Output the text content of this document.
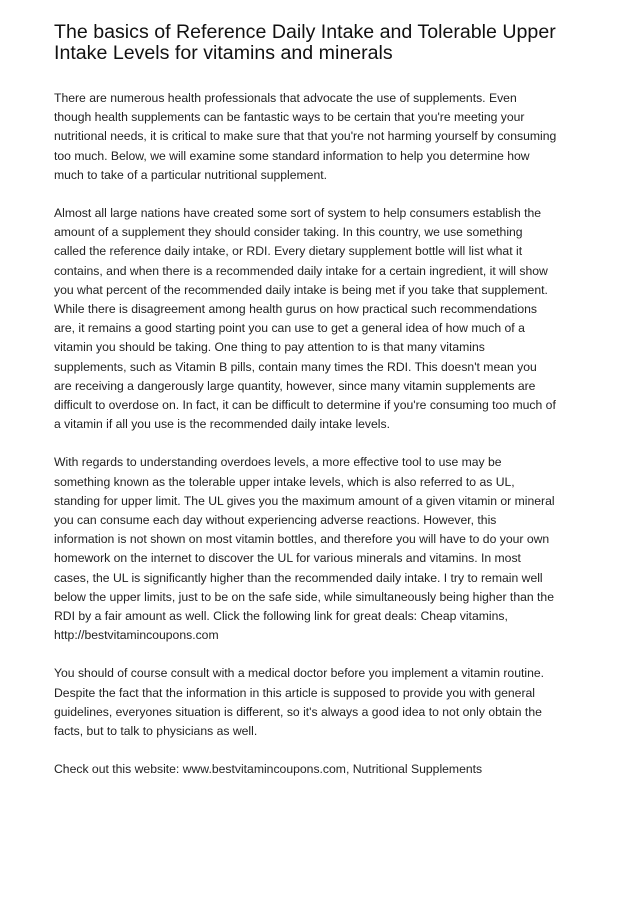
The basics of Reference Daily Intake and Tolerable Upper
Intake Levels for vitamins and minerals
There are numerous health professionals that advocate the use of supplements. Even
though health supplements can be fantastic ways to be certain that you're meeting your
nutritional needs, it is critical to make sure that that you're not harming yourself by consuming
too much. Below, we will examine some standard information to help you determine how
much to take of a particular nutritional supplement.
Almost all large nations have created some sort of system to help consumers establish the
amount of a supplement they should consider taking. In this country, we use something
called the reference daily intake, or RDI. Every dietary supplement bottle will list what it
contains, and when there is a recommended daily intake for a certain ingredient, it will show
you what percent of the recommended daily intake is being met if you take that supplement.
While there is disagreement among health gurus on how practical such recommendations
are, it remains a good starting point you can use to get a general idea of how much of a
vitamin you should be taking. One thing to pay attention to is that many vitamins
supplements, such as Vitamin B pills, contain many times the RDI. This doesn't mean you
are receiving a dangerously large quantity, however, since many vitamin supplements are
difficult to overdose on. In fact, it can be difficult to determine if you're consuming too much of
a vitamin if all you use is the recommended daily intake levels.
With regards to understanding overdoes levels, a more effective tool to use may be
something known as the tolerable upper intake levels, which is also referred to as UL,
standing for upper limit. The UL gives you the maximum amount of a given vitamin or mineral
you can consume each day without experiencing adverse reactions. However, this
information is not shown on most vitamin bottles, and therefore you will have to do your own
homework on the internet to discover the UL for various minerals and vitamins. In most
cases, the UL is significantly higher than the recommended daily intake. I try to remain well
below the upper limits, just to be on the safe side, while simultaneously being higher than the
RDI by a fair amount as well. Click the following link for great deals: Cheap vitamins,
http://bestvitamincoupons.com
You should of course consult with a medical doctor before you implement a vitamin routine.
Despite the fact that the information in this article is supposed to provide you with general
guidelines, everyones situation is different, so it's always a good idea to not only obtain the
facts, but to talk to physicians as well.
Check out this website: www.bestvitamincoupons.com, Nutritional Supplements
